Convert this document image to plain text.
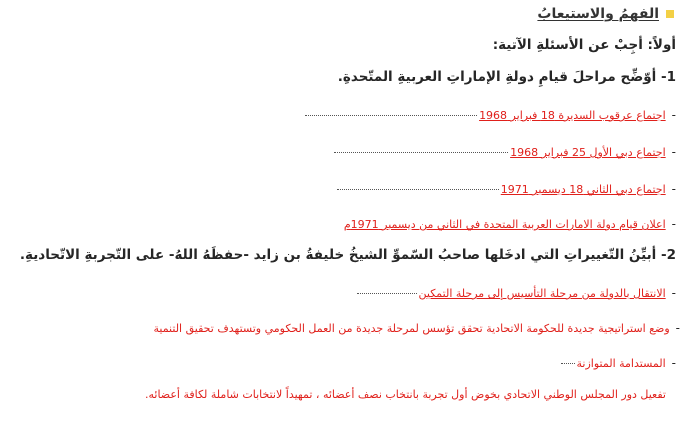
الفهمُ والاستيعابُ
أولاً: أجِبْ عن الأسئلةِ الآتية:
1- أوّضِّح مراحلَ قيامِ دولةِ الإماراتِ العربيةِ المتّحدةِ.
-
اجتماع عرقوب السديرة 18 فبراير 1968
-
اجتماع دبي الأول 25 فبراير 1968
-
اجتماع دبي الثاني 18 ديسمبر 1971
-
اعلان قيام دولة الامارات العربية المتحدة في الثاني من ديسمبر 1971م
2- أبيِّنُ التّغييراتِ التي ادخَلها صاحبُ السّموِّ الشيخُ خليفةُ بن زايد -حفظَهُ اللهُ- على التّجربةِ الاتّحاديةِ.
-
الانتقال بالدولة من مرحلة التأسيس إلى مرحلة التمكين
-
وضع استراتيجية جديدة للحكومة الاتحادية تحقق تؤسس لمرحلة جديدة من العمل الحكومي وتستهدف تحقيق التنمية
-
المستدامة المتوازنة
تفعيل دور المجلس الوطني الاتحادي بخوض أول تجربة بانتخاب نصف أعضائه ، تمهيداً لانتخابات شاملة لكافة أعضائه.
